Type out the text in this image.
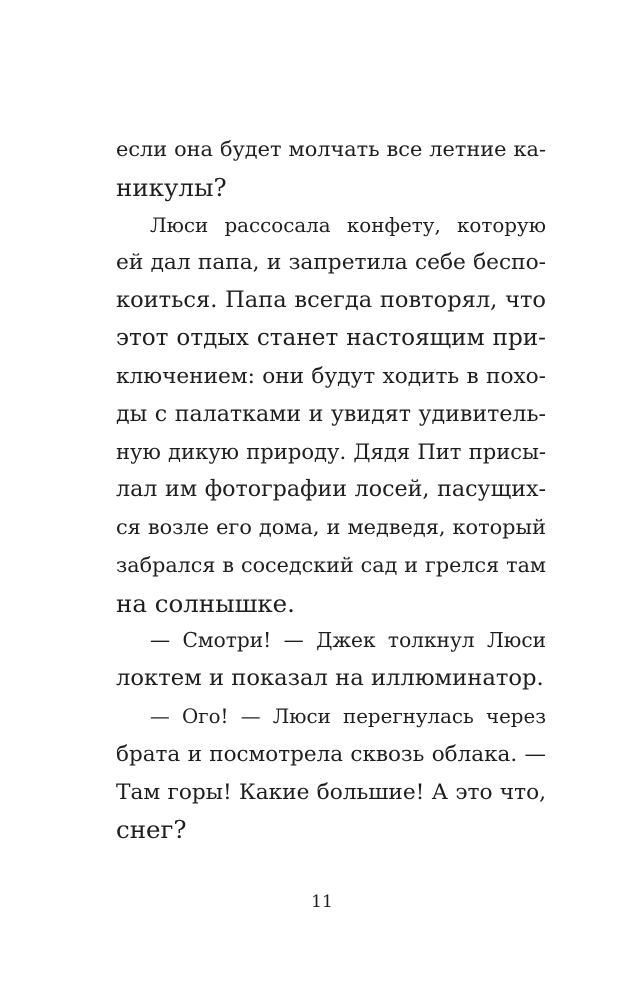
если она будет молчать все летние ка-
никулы?
Люси рассосала конфету, которую
ей дал папа, и запретила себе беспо-
коиться. Папа всегда повторял, что
этот отдых станет настоящим при-
ключением: они будут ходить в похо-
ды с палатками и увидят удивитель-
ную дикую природу. Дядя Пит присы-
лал им фотографии лосей, пасущих-
ся возле его дома, и медведя, который
забрался в соседский сад и грелся там
на солнышке.
— Смотри! — Джек толкнул Люси
локтем и показал на иллюминатор.
— Ого! — Люси перегнулась через
брата и посмотрела сквозь облака. —
Там горы! Какие большие! А это что,
снег?
11
